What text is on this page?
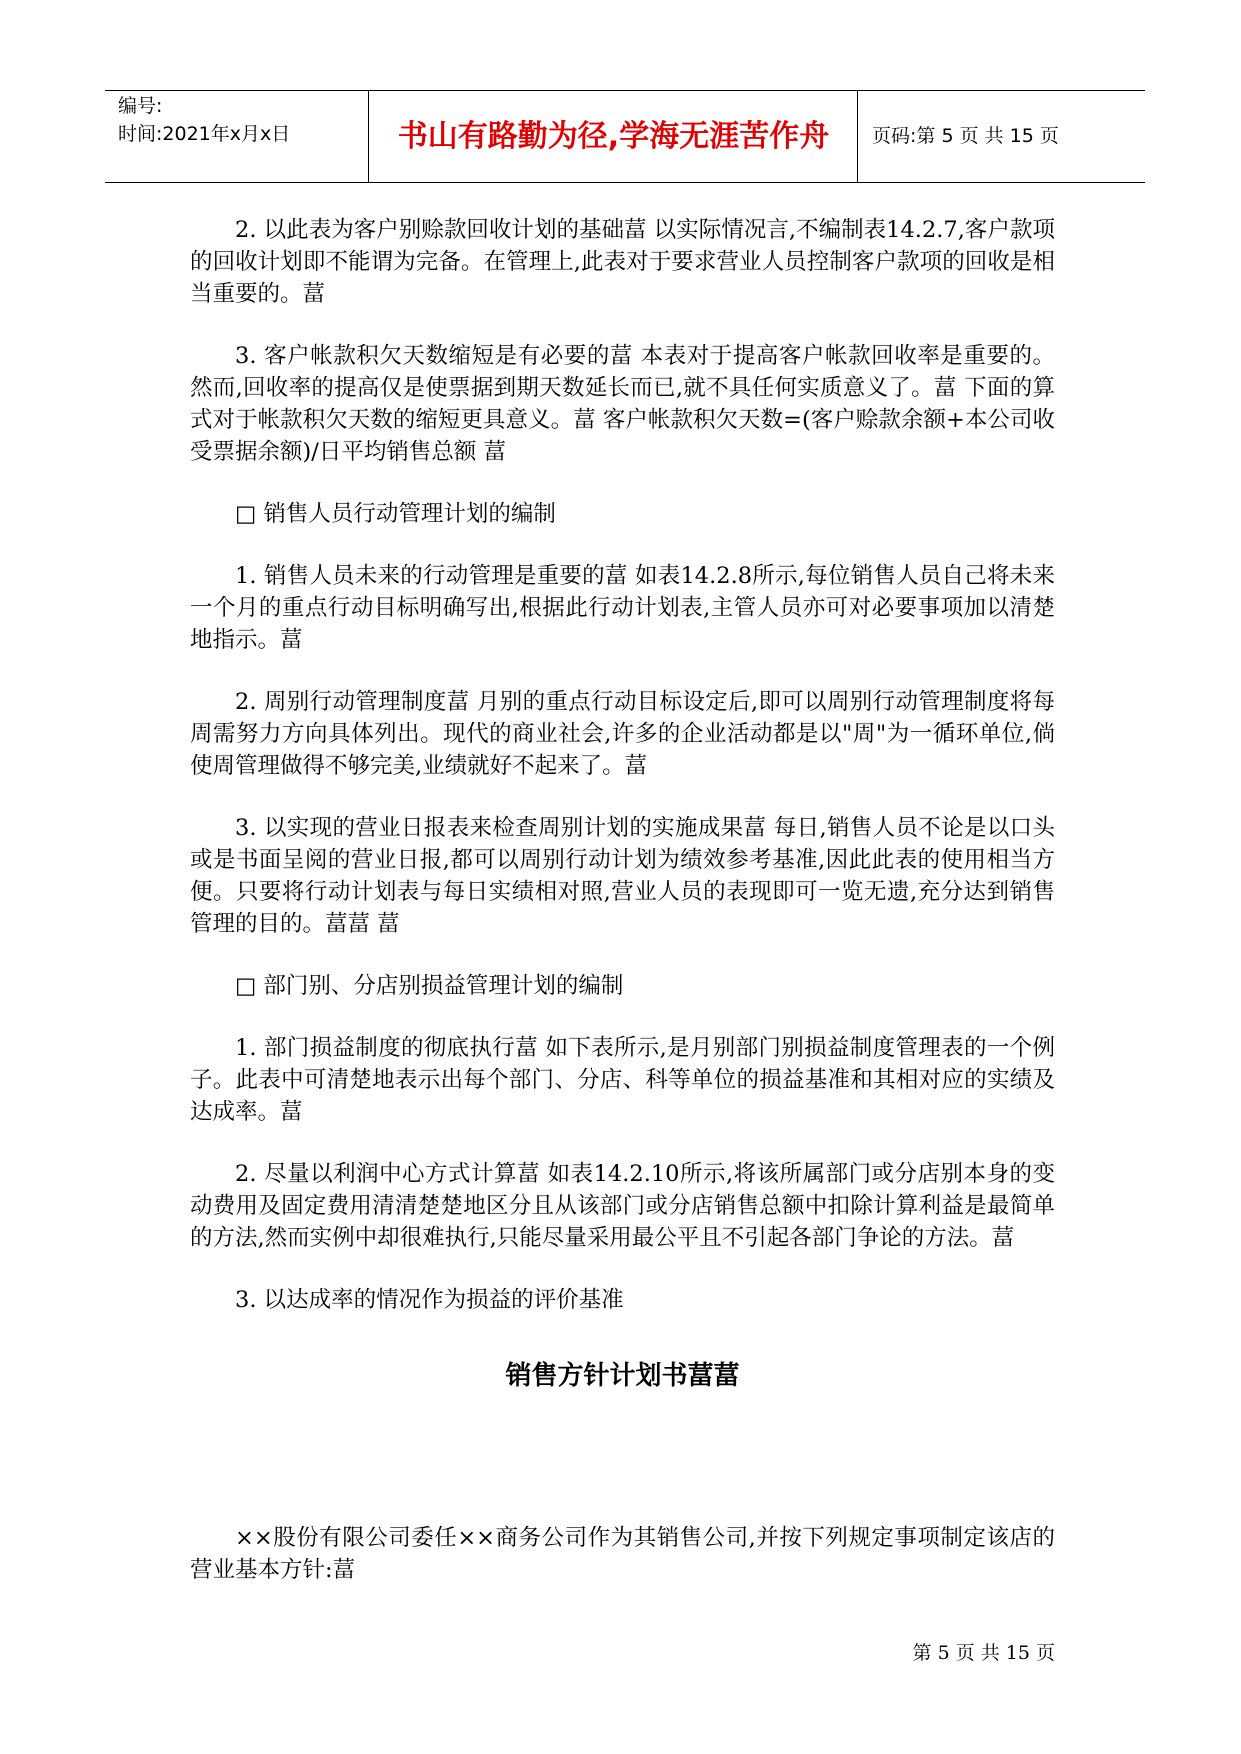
编号:
时间:2021年x月x日	书山有路勤为径,学海无涯苦作舟	页码:第 5 页 共 15 页

2. 以此表为客户别赊款回收计划的基础葍 以实际情况言,不编制表14.2.7,客户款项的回收计划即不能谓为完备。在管理上,此表对于要求营业人员控制客户款项的回收是相当重要的。葍

3. 客户帐款积欠天数缩短是有必要的葍 本表对于提高客户帐款回收率是重要的。然而,回收率的提高仅是使票据到期天数延长而已,就不具任何实质意义了。葍 下面的算式对于帐款积欠天数的缩短更具意义。葍 客户帐款积欠天数=(客户赊款余额+本公司收受票据余额)/日平均销售总额 葍

□ 销售人员行动管理计划的编制

1. 销售人员未来的行动管理是重要的葍 如表14.2.8所示,每位销售人员自己将未来一个月的重点行动目标明确写出,根据此行动计划表,主管人员亦可对必要事项加以清楚地指示。葍

2. 周别行动管理制度葍 月别的重点行动目标设定后,即可以周别行动管理制度将每周需努力方向具体列出。现代的商业社会,许多的企业活动都是以"周"为一循环单位,倘使周管理做得不够完美,业绩就好不起来了。葍

3. 以实现的营业日报表来检查周别计划的实施成果葍 每日,销售人员不论是以口头或是书面呈阅的营业日报,都可以周别行动计划为绩效参考基准,因此此表的使用相当方便。只要将行动计划表与每日实绩相对照,营业人员的表现即可一览无遗,充分达到销售管理的目的。葍葍 葍

□ 部门别、分店别损益管理计划的编制

1. 部门损益制度的彻底执行葍 如下表所示,是月别部门别损益制度管理表的一个例子。此表中可清楚地表示出每个部门、分店、科等单位的损益基准和其相对应的实绩及达成率。葍

2. 尽量以利润中心方式计算葍 如表14.2.10所示,将该所属部门或分店别本身的变动费用及固定费用清清楚楚地区分且从该部门或分店销售总额中扣除计算利益是最简单的方法,然而实例中却很难执行,只能尽量采用最公平且不引起各部门争论的方法。葍

3. 以达成率的情况作为损益的评价基准

销售方针计划书葍葍

××股份有限公司委任××商务公司作为其销售公司,并按下列规定事项制定该店的营业基本方针:葍

第 5 页 共 15 页
